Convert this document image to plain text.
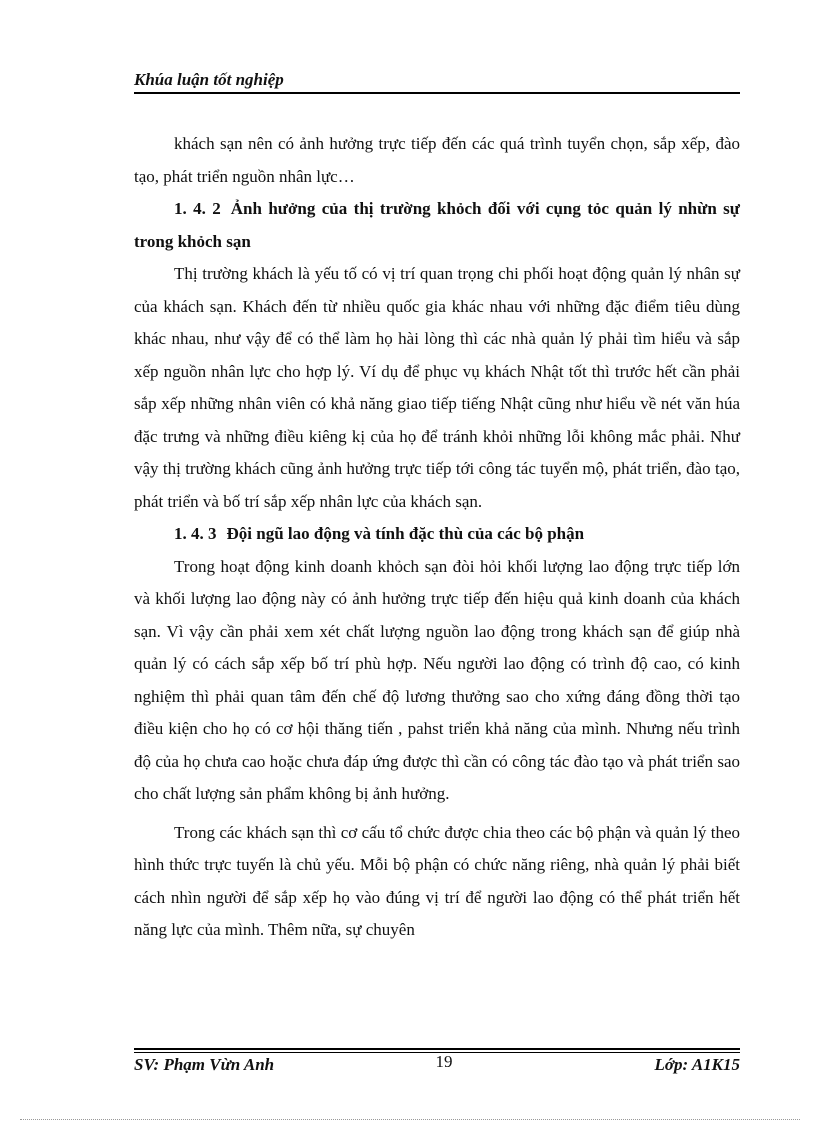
Khúa luận tốt nghiệp

khách sạn nên có ảnh hưởng trực tiếp đến các quá trình tuyển chọn, sắp xếp, đào tạo, phát triển nguồn nhân lực…

1. 4. 2 Ảnh hưởng của thị trường khỏch đối với cụng tỏc quản lý nhừn sự trong khỏch sạn

Thị trường khách là yếu tố có vị trí quan trọng chi phối hoạt động quản lý nhân sự của khách sạn. Khách đến từ nhiều quốc gia khác nhau với những đặc điểm tiêu dùng khác nhau, như vậy để có thể làm họ hài lòng thì các nhà quản lý phải tìm hiểu và sắp xếp nguồn nhân lực cho hợp lý. Ví dụ để phục vụ khách Nhật tốt thì trước hết cần phải sắp xếp những nhân viên có khả năng giao tiếp tiếng Nhật cũng như hiểu về nét văn húa đặc trưng và những điều kiêng kị của họ để tránh khỏi những lỗi không mắc phải. Như vậy thị trường khách cũng ảnh hưởng trực tiếp tới công tác tuyển mộ, phát triển, đào tạo, phát triển và bố trí sắp xếp nhân lực của khách sạn.

1. 4. 3 Đội ngũ lao động và tính đặc thù của các bộ phận

Trong hoạt động kinh doanh khỏch sạn đòi hỏi khối lượng lao động trực tiếp lớn và khối lượng lao động này có ảnh hưởng trực tiếp đến hiệu quả kinh doanh của khách sạn. Vì vậy cần phải xem xét chất lượng nguồn lao động trong khách sạn để giúp nhà quản lý có cách sắp xếp bố trí phù hợp. Nếu người lao động có trình độ cao, có kinh nghiệm thì phải quan tâm đến chế độ lương thưởng sao cho xứng đáng đồng thời tạo điều kiện cho họ có cơ hội thăng tiến , pahst triển khả năng của mình. Nhưng nếu trình độ của họ chưa cao hoặc chưa đáp ứng được thì cần có công tác đào tạo và phát triển sao cho chất lượng sản phẩm không bị ảnh hưởng.

Trong các khách sạn thì cơ cấu tổ chức được chia theo các bộ phận và quản lý theo hình thức trực tuyến là chủ yếu. Mỗi bộ phận có chức năng riêng, nhà quản lý phải biết cách nhìn người để sắp xếp họ vào đúng vị trí để người lao động có thể phát triển hết năng lực của mình. Thêm nữa, sự chuyên

SV: Phạm Vừn Anh	19	Lớp: A1K15
